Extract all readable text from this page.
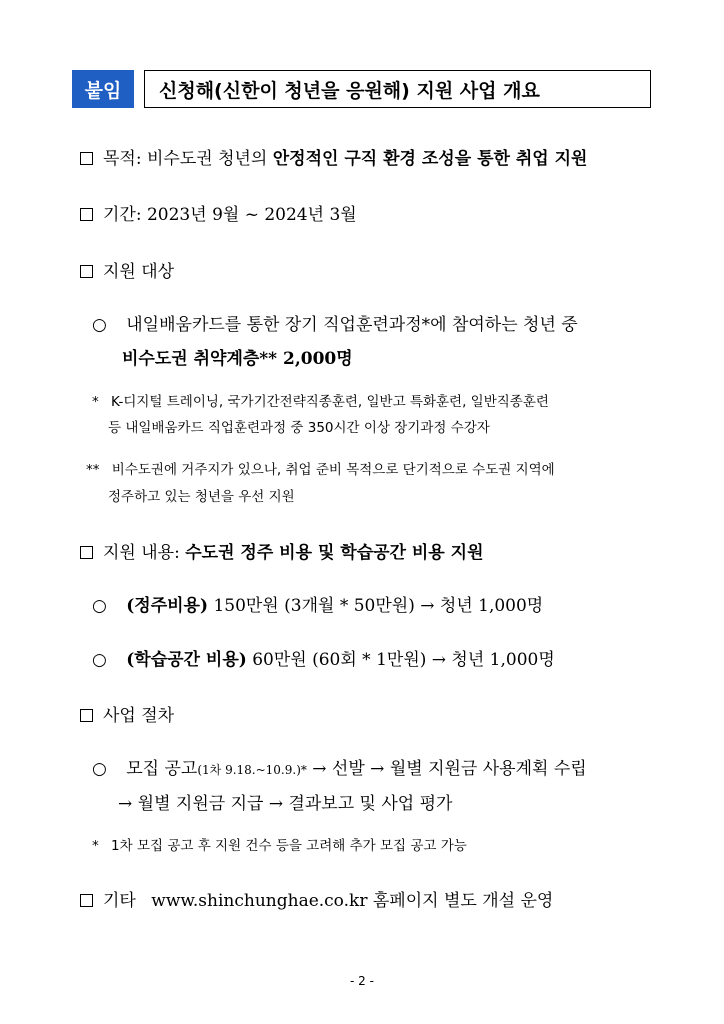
붙임	신청해(신한이 청년을 응원해) 지원 사업 개요
목적: 비수도권 청년의 안정적인 구직 환경 조성을 통한 취업 지원
기간: 2023년 9월 ~ 2024년 3월
지원 대상
○ 내일배움카드를 통한 장기 직업훈련과정*에 참여하는 청년 중
비수도권 취약계층** 2,000명
* K-디지털 트레이닝, 국가기간전략직종훈련, 일반고 특화훈련, 일반직종훈련
등 내일배움카드 직업훈련과정 중 350시간 이상 장기과정 수강자
** 비수도권에 거주지가 있으나, 취업 준비 목적으로 단기적으로 수도권 지역에
정주하고 있는 청년을 우선 지원
지원 내용: 수도권 정주 비용 및 학습공간 비용 지원
○ (정주비용) 150만원 (3개월 * 50만원) → 청년 1,000명
○ (학습공간 비용) 60만원 (60회 * 1만원) → 청년 1,000명
사업 절차
○ 모집 공고(1차 9.18.~10.9.)* → 선발 → 월별 지원금 사용계획 수립
→ 월별 지원금 지급 → 결과보고 및 사업 평가
* 1차 모집 공고 후 지원 건수 등을 고려해 추가 모집 공고 가능
기타 www.shinchunghae.co.kr 홈페이지 별도 개설 운영
- 2 -
